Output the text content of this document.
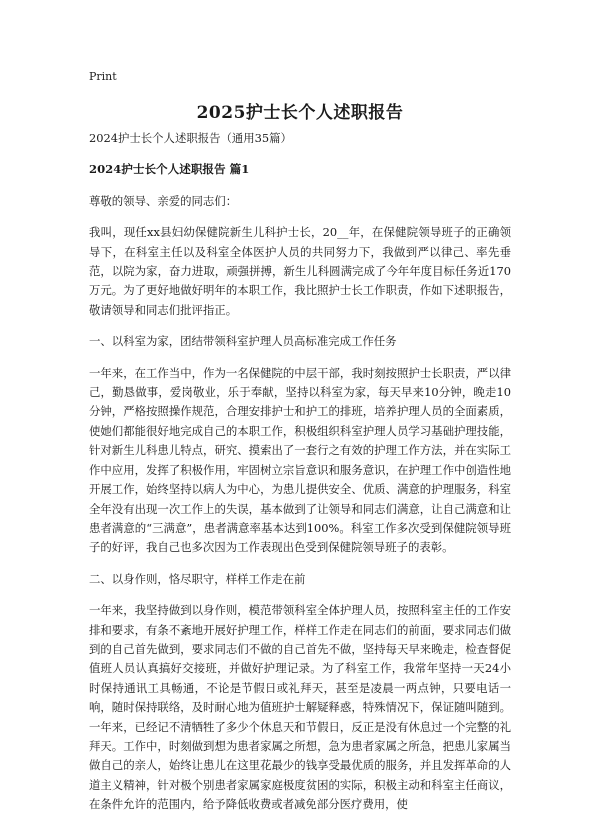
Print
2025护士长个人述职报告

2024护士长个人述职报告（通用35篇）

2024护士长个人述职报告 篇1

尊敬的领导、亲爱的同志们：

我叫，现任xx县妇幼保健院新生儿科护士长，20__年，在保健院领导班子的正确领导下，在科室主任以及科室全体医护人员的共同努力下，我做到严以律己、率先垂范，以院为家，奋力进取，顽强拼搏，新生儿科圆满完成了今年年度目标任务近170万元。为了更好地做好明年的本职工作，我比照护士长工作职责，作如下述职报告，敬请领导和同志们批评指正。

一、以科室为家，团结带领科室护理人员高标准完成工作任务

一年来，在工作当中，作为一名保健院的中层干部，我时刻按照护士长职责，严以律己，勤恳做事，爱岗敬业，乐于奉献，坚持以科室为家，每天早来10分钟，晚走10分钟，严格按照操作规范，合理安排护士和护工的排班，培养护理人员的全面素质，使她们都能很好地完成自己的本职工作，积极组织科室护理人员学习基础护理技能，针对新生儿科患儿特点，研究、摸索出了一套行之有效的护理工作方法，并在实际工作中应用，发挥了积极作用，牢固树立宗旨意识和服务意识，在护理工作中创造性地开展工作，始终坚持以病人为中心，为患儿提供安全、优质、满意的护理服务，科室全年没有出现一次工作上的失误，基本做到了让领导和同志们满意，让自己满意和让患者满意的“三满意”，患者满意率基本达到100%。科室工作多次受到保健院领导班子的好评，我自己也多次因为工作表现出色受到保健院领导班子的表彰。

二、以身作则，恪尽职守，样样工作走在前

一年来，我坚持做到以身作则，模范带领科室全体护理人员，按照科室主任的工作安排和要求，有条不紊地开展好护理工作，样样工作走在同志们的前面，要求同志们做到的自己首先做到，要求同志们不做的自己首先不做，坚持每天早来晚走，检查督促值班人员认真搞好交接班，并做好护理记录。为了科室工作，我常年坚持一天24小时保持通讯工具畅通，不论是节假日或礼拜天，甚至是凌晨一两点钟，只要电话一响，随时保持联络，及时耐心地为值班护士解疑释惑，特殊情况下，保证随叫随到。一年来，已经记不清牺牲了多少个休息天和节假日，反正是没有休息过一个完整的礼拜天。工作中，时刻做到想为患者家属之所想，急为患者家属之所急，把患儿家属当做自己的亲人，始终让患儿在这里花最少的钱享受最优质的服务，并且发挥革命的人道主义精神，针对极个别患者家属家庭极度贫困的实际，积极主动和科室主任商议，在条件允许的范围内，给予降低收费或者减免部分医疗费用，使
